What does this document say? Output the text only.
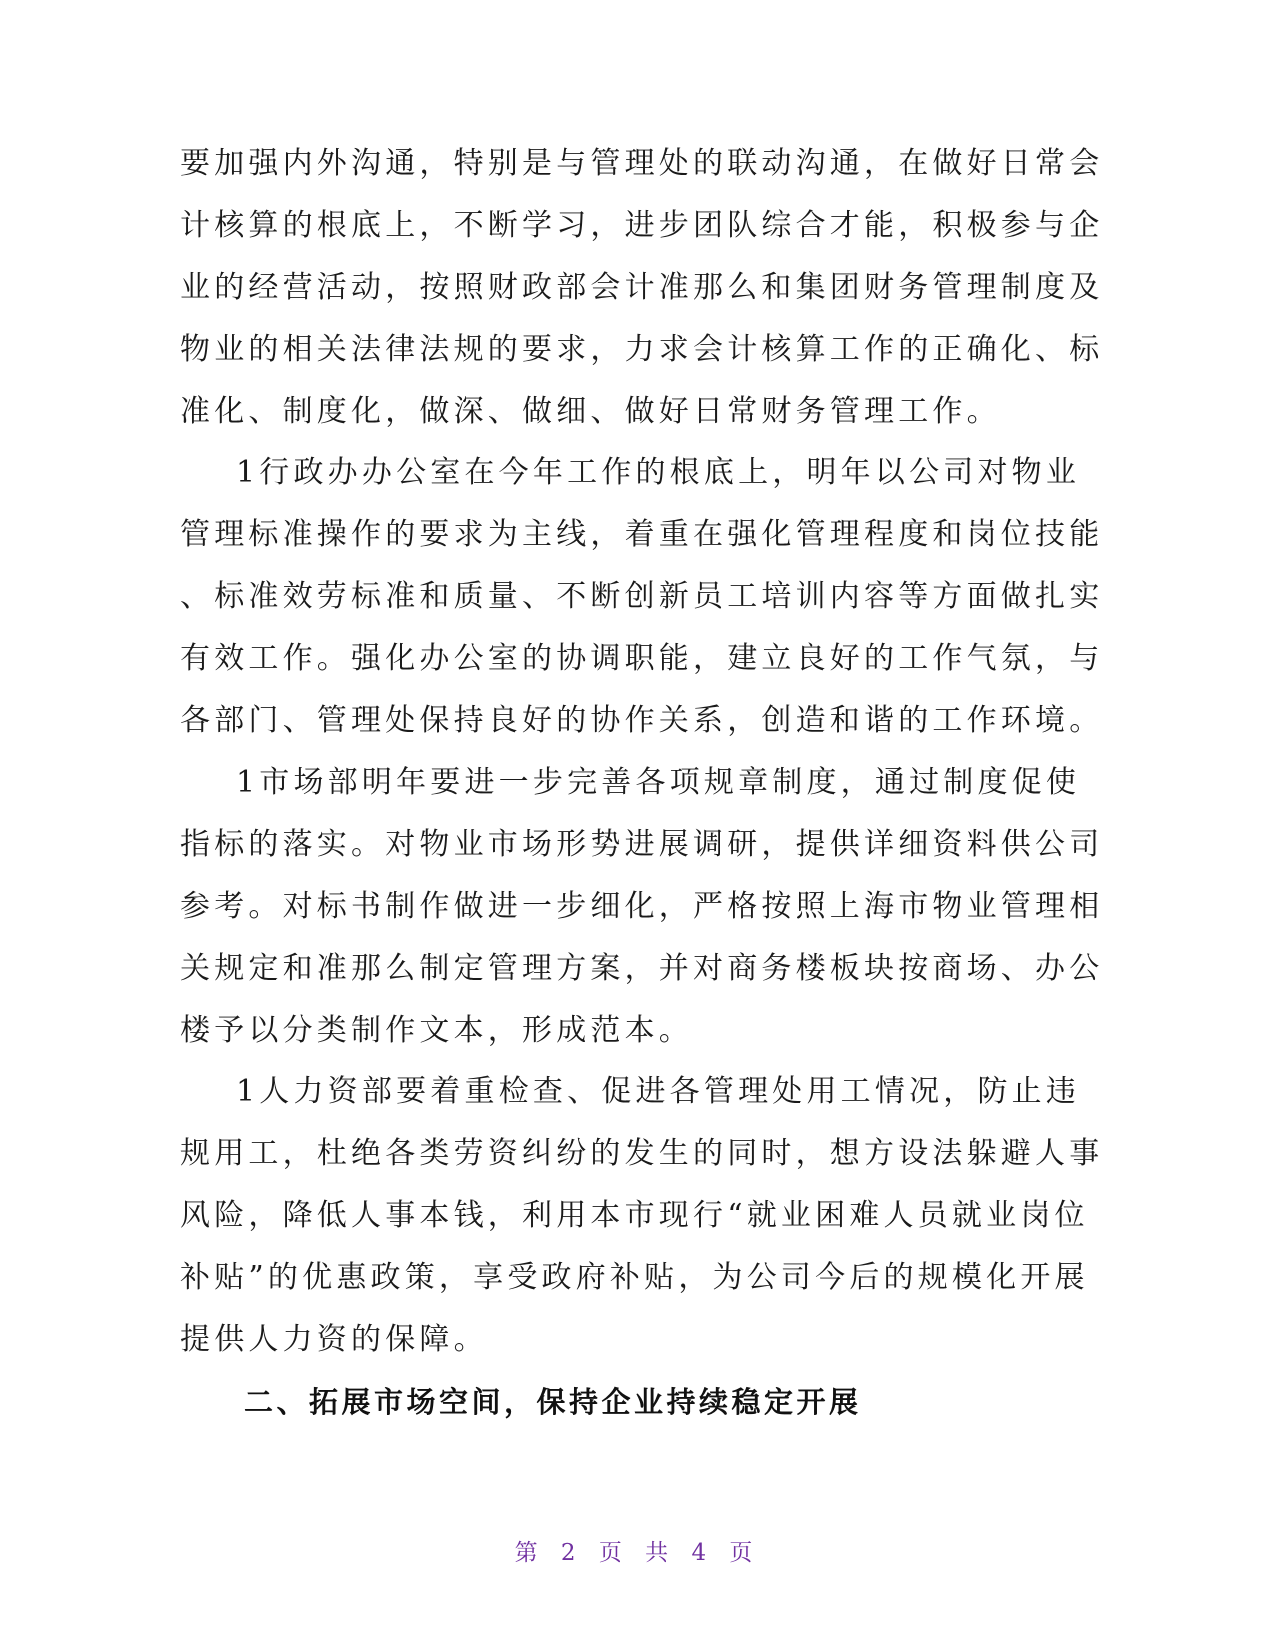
要加强内外沟通，特别是与管理处的联动沟通，在做好日常会
计核算的根底上，不断学习，进步团队综合才能，积极参与企
业的经营活动，按照财政部会计准那么和集团财务管理制度及
物业的相关法律法规的要求，力求会计核算工作的正确化、标
准化、制度化，做深、做细、做好日常财务管理工作。
1行政办办公室在今年工作的根底上，明年以公司对物业
管理标准操作的要求为主线，着重在强化管理程度和岗位技能
、标准效劳标准和质量、不断创新员工培训内容等方面做扎实
有效工作。强化办公室的协调职能，建立良好的工作气氛，与
各部门、管理处保持良好的协作关系，创造和谐的工作环境。
1市场部明年要进一步完善各项规章制度，通过制度促使
指标的落实。对物业市场形势进展调研，提供详细资料供公司
参考。对标书制作做进一步细化，严格按照上海市物业管理相
关规定和准那么制定管理方案，并对商务楼板块按商场、办公
楼予以分类制作文本，形成范本。
1人力资部要着重检查、促进各管理处用工情况，防止违
规用工，杜绝各类劳资纠纷的发生的同时，想方设法躲避人事
风险，降低人事本钱，利用本市现行“就业困难人员就业岗位
补贴”的优惠政策，享受政府补贴，为公司今后的规模化开展
提供人力资的保障。
二、拓展市场空间，保持企业持续稳定开展
第 2 页 共 4 页
